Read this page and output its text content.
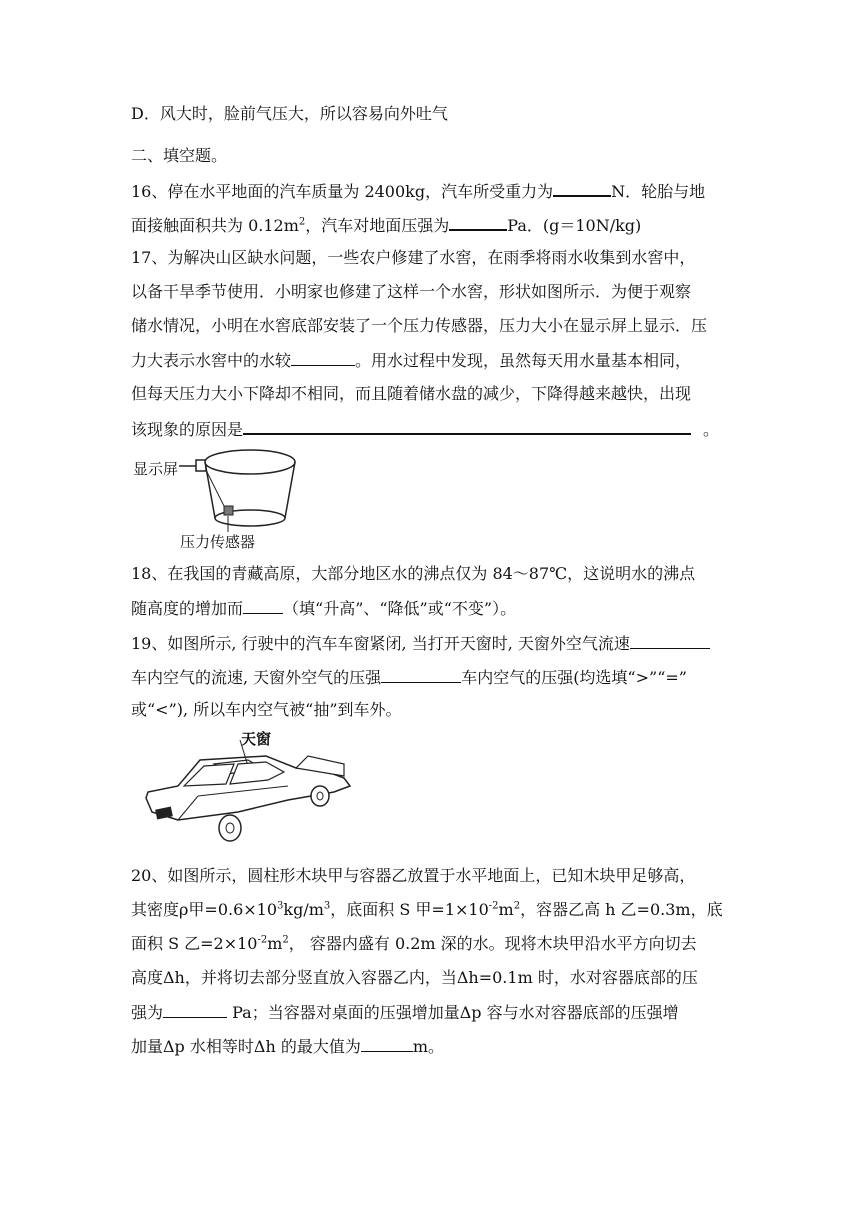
D．风大时，脸前气压大，所以容易向外吐气
二、填空题。
16、停在水平地面的汽车质量为 2400kg，汽车所受重力为	N．轮胎与地
面接触面积共为 $0.12m^2$，汽车对地面压强为	Pa．(g＝10N/kg)
17、为解决山区缺水问题，一些农户修建了水窖，在雨季将雨水收集到水窖中，
以备干旱季节使用．小明家也修建了这样一个水窖，形状如图所示．为便于观察
储水情况，小明在水窖底部安装了一个压力传感器，压力大小在显示屏上显示．压
力大表示水窖中的水较	。用水过程中发现，虽然每天用水量基本相同，
但每天压力大小下降却不相同，而且随着储水盘的减少，下降得越来越快，出现
该现象的原因是	。
显示屏
压力传感器
18、在我国的青藏高原，大部分地区水的沸点仅为 84～87℃，这说明水的沸点
随高度的增加而	（填“升高”、“降低”或“不变”）。
19、如图所示, 行驶中的汽车车窗紧闭, 当打开天窗时, 天窗外空气流速
车内空气的流速, 天窗外空气的压强	车内空气的压强(均选填“>”“=”
或“<”), 所以车内空气被“抽”到车外。
天窗
20、如图所示，圆柱形木块甲与容器乙放置于水平地面上，已知木块甲足够高，
其密度ρ甲$=0.6\times 10^3kg/m^3$，底面积 S 甲$=1\times 10^{-2}m^2$，容器乙高 h 乙=0.3m，底
面积 S 乙$=2\times 10^{-2}m^2$， 容器内盛有 0.2m 深的水。现将木块甲沿水平方向切去
高度Δh，并将切去部分竖直放入容器乙内，当Δh=0.1m 时，水对容器底部的压
强为	Pa；当容器对桌面的压强增加量Δp 容与水对容器底部的压强增
加量Δp 水相等时Δh 的最大值为	m。
